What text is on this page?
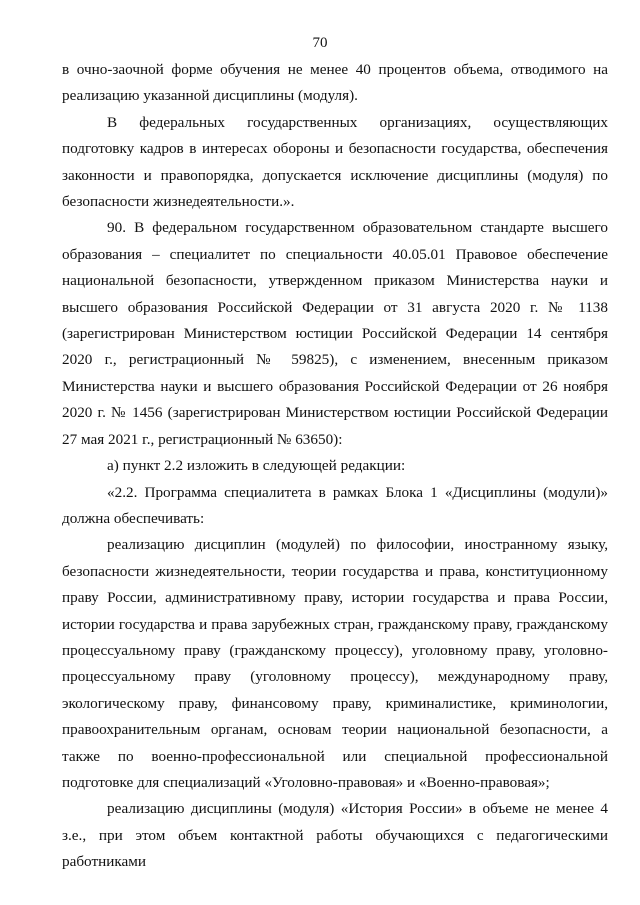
70

в очно-заочной форме обучения не менее 40 процентов объема, отводимого на реализацию указанной дисциплины (модуля).

В федеральных государственных организациях, осуществляющих подготовку кадров в интересах обороны и безопасности государства, обеспечения законности и правопорядка, допускается исключение дисциплины (модуля) по безопасности жизнедеятельности.».

90. В федеральном государственном образовательном стандарте высшего образования – специалитет по специальности 40.05.01 Правовое обеспечение национальной безопасности, утвержденном приказом Министерства науки и высшего образования Российской Федерации от 31 августа 2020 г. № 1138 (зарегистрирован Министерством юстиции Российской Федерации 14 сентября 2020 г., регистрационный № 59825), с изменением, внесенным приказом Министерства науки и высшего образования Российской Федерации от 26 ноября 2020 г. № 1456 (зарегистрирован Министерством юстиции Российской Федерации 27 мая 2021 г., регистрационный № 63650):

а) пункт 2.2 изложить в следующей редакции:

«2.2. Программа специалитета в рамках Блока 1 «Дисциплины (модули)» должна обеспечивать:

реализацию дисциплин (модулей) по философии, иностранному языку, безопасности жизнедеятельности, теории государства и права, конституционному праву России, административному праву, истории государства и права России, истории государства и права зарубежных стран, гражданскому праву, гражданскому процессуальному праву (гражданскому процессу), уголовному праву, уголовно-процессуальному праву (уголовному процессу), международному праву, экологическому праву, финансовому праву, криминалистике, криминологии, правоохранительным органам, основам теории национальной безопасности, а также по военно-профессиональной или специальной профессиональной подготовке для специализаций «Уголовно-правовая» и «Военно-правовая»;

реализацию дисциплины (модуля) «История России» в объеме не менее 4 з.е., при этом объем контактной работы обучающихся с педагогическими работниками
